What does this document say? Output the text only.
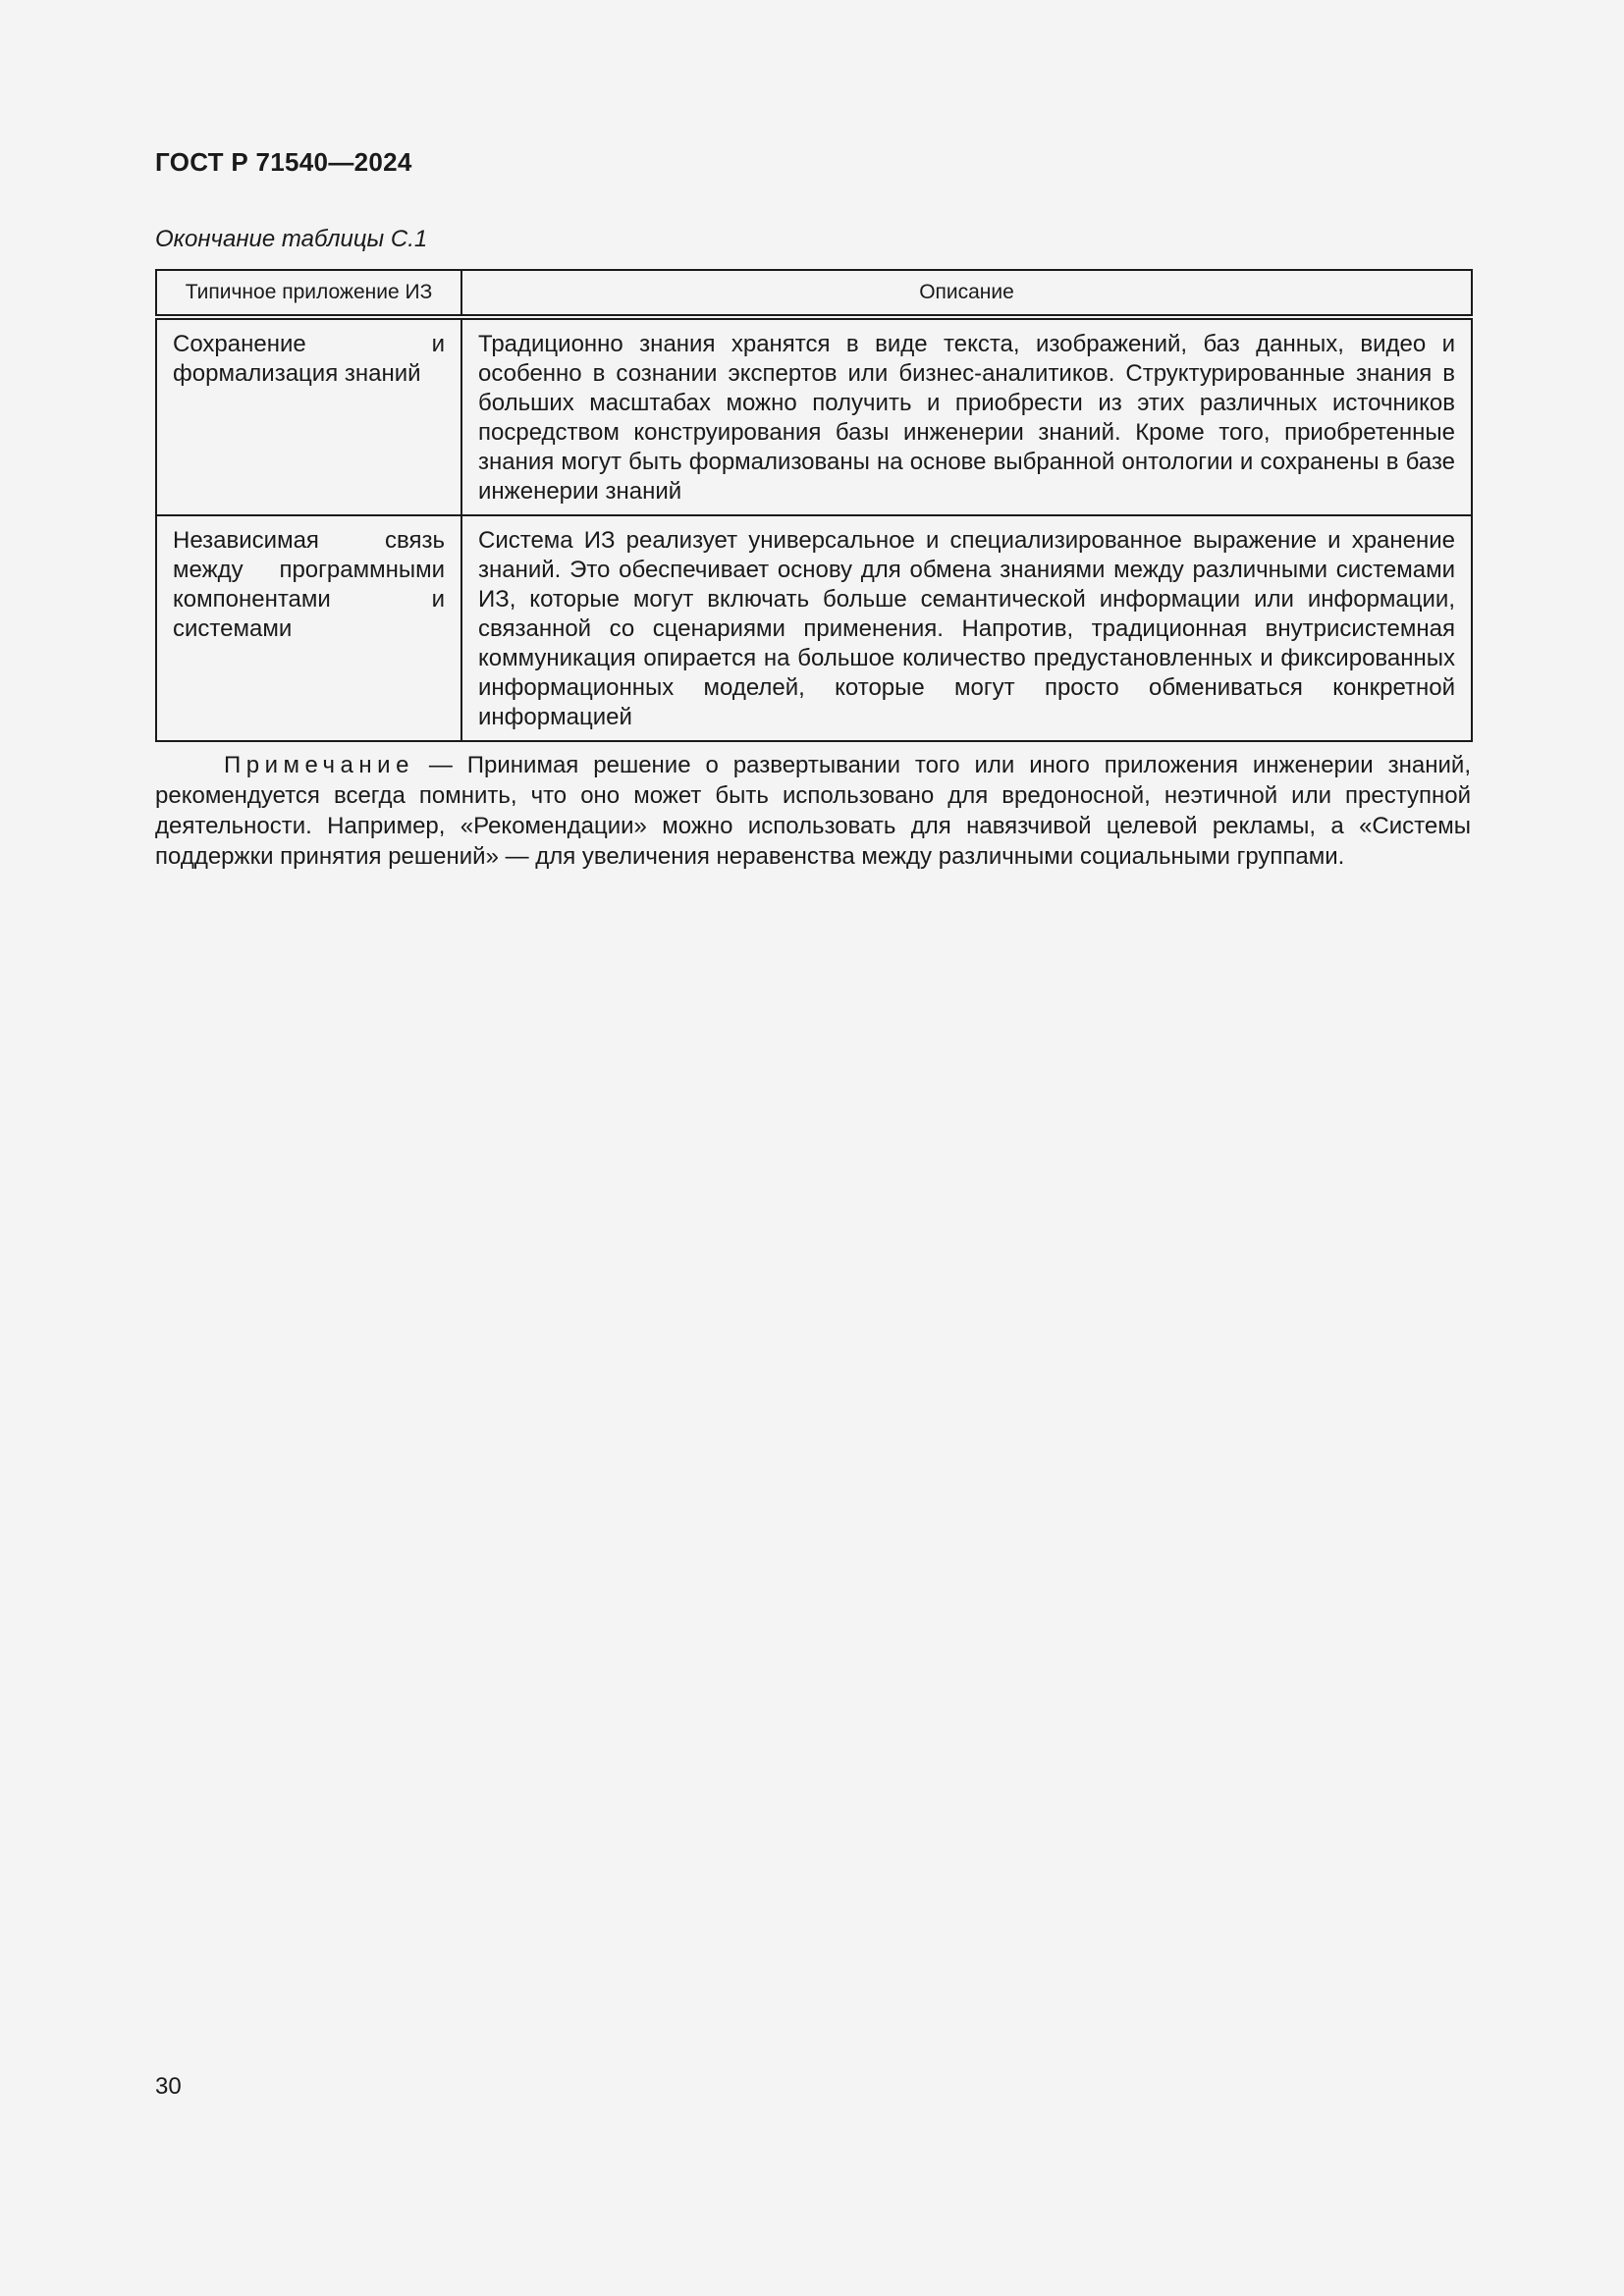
ГОСТ Р 71540—2024
Окончание таблицы С.1
Типичное приложение ИЗ	Описание
Сохранение и формализация знаний	Традиционно знания хранятся в виде текста, изображений, баз данных, видео и особенно в сознании экспертов или бизнес-аналитиков. Структурированные знания в больших масштабах можно получить и приобрести из этих различных источников посредством конструирования базы инженерии знаний. Кроме того, приобретенные знания могут быть формализованы на основе выбранной онтологии и сохранены в базе инженерии знаний
Независимая связь между программными компонентами и системами	Система ИЗ реализует универсальное и специализированное выражение и хранение знаний. Это обеспечивает основу для обмена знаниями между различными системами ИЗ, которые могут включать больше семантической информации или информации, связанной со сценариями применения. Напротив, традиционная внутрисистемная коммуникация опирается на большое количество предустановленных и фиксированных информационных моделей, которые могут просто обмениваться конкретной информацией
Примечание — Принимая решение о развертывании того или иного приложения инженерии знаний, рекомендуется всегда помнить, что оно может быть использовано для вредоносной, неэтичной или преступной деятельности. Например, «Рекомендации» можно использовать для навязчивой целевой рекламы, а «Системы поддержки принятия решений» — для увеличения неравенства между различными социальными группами.
30
